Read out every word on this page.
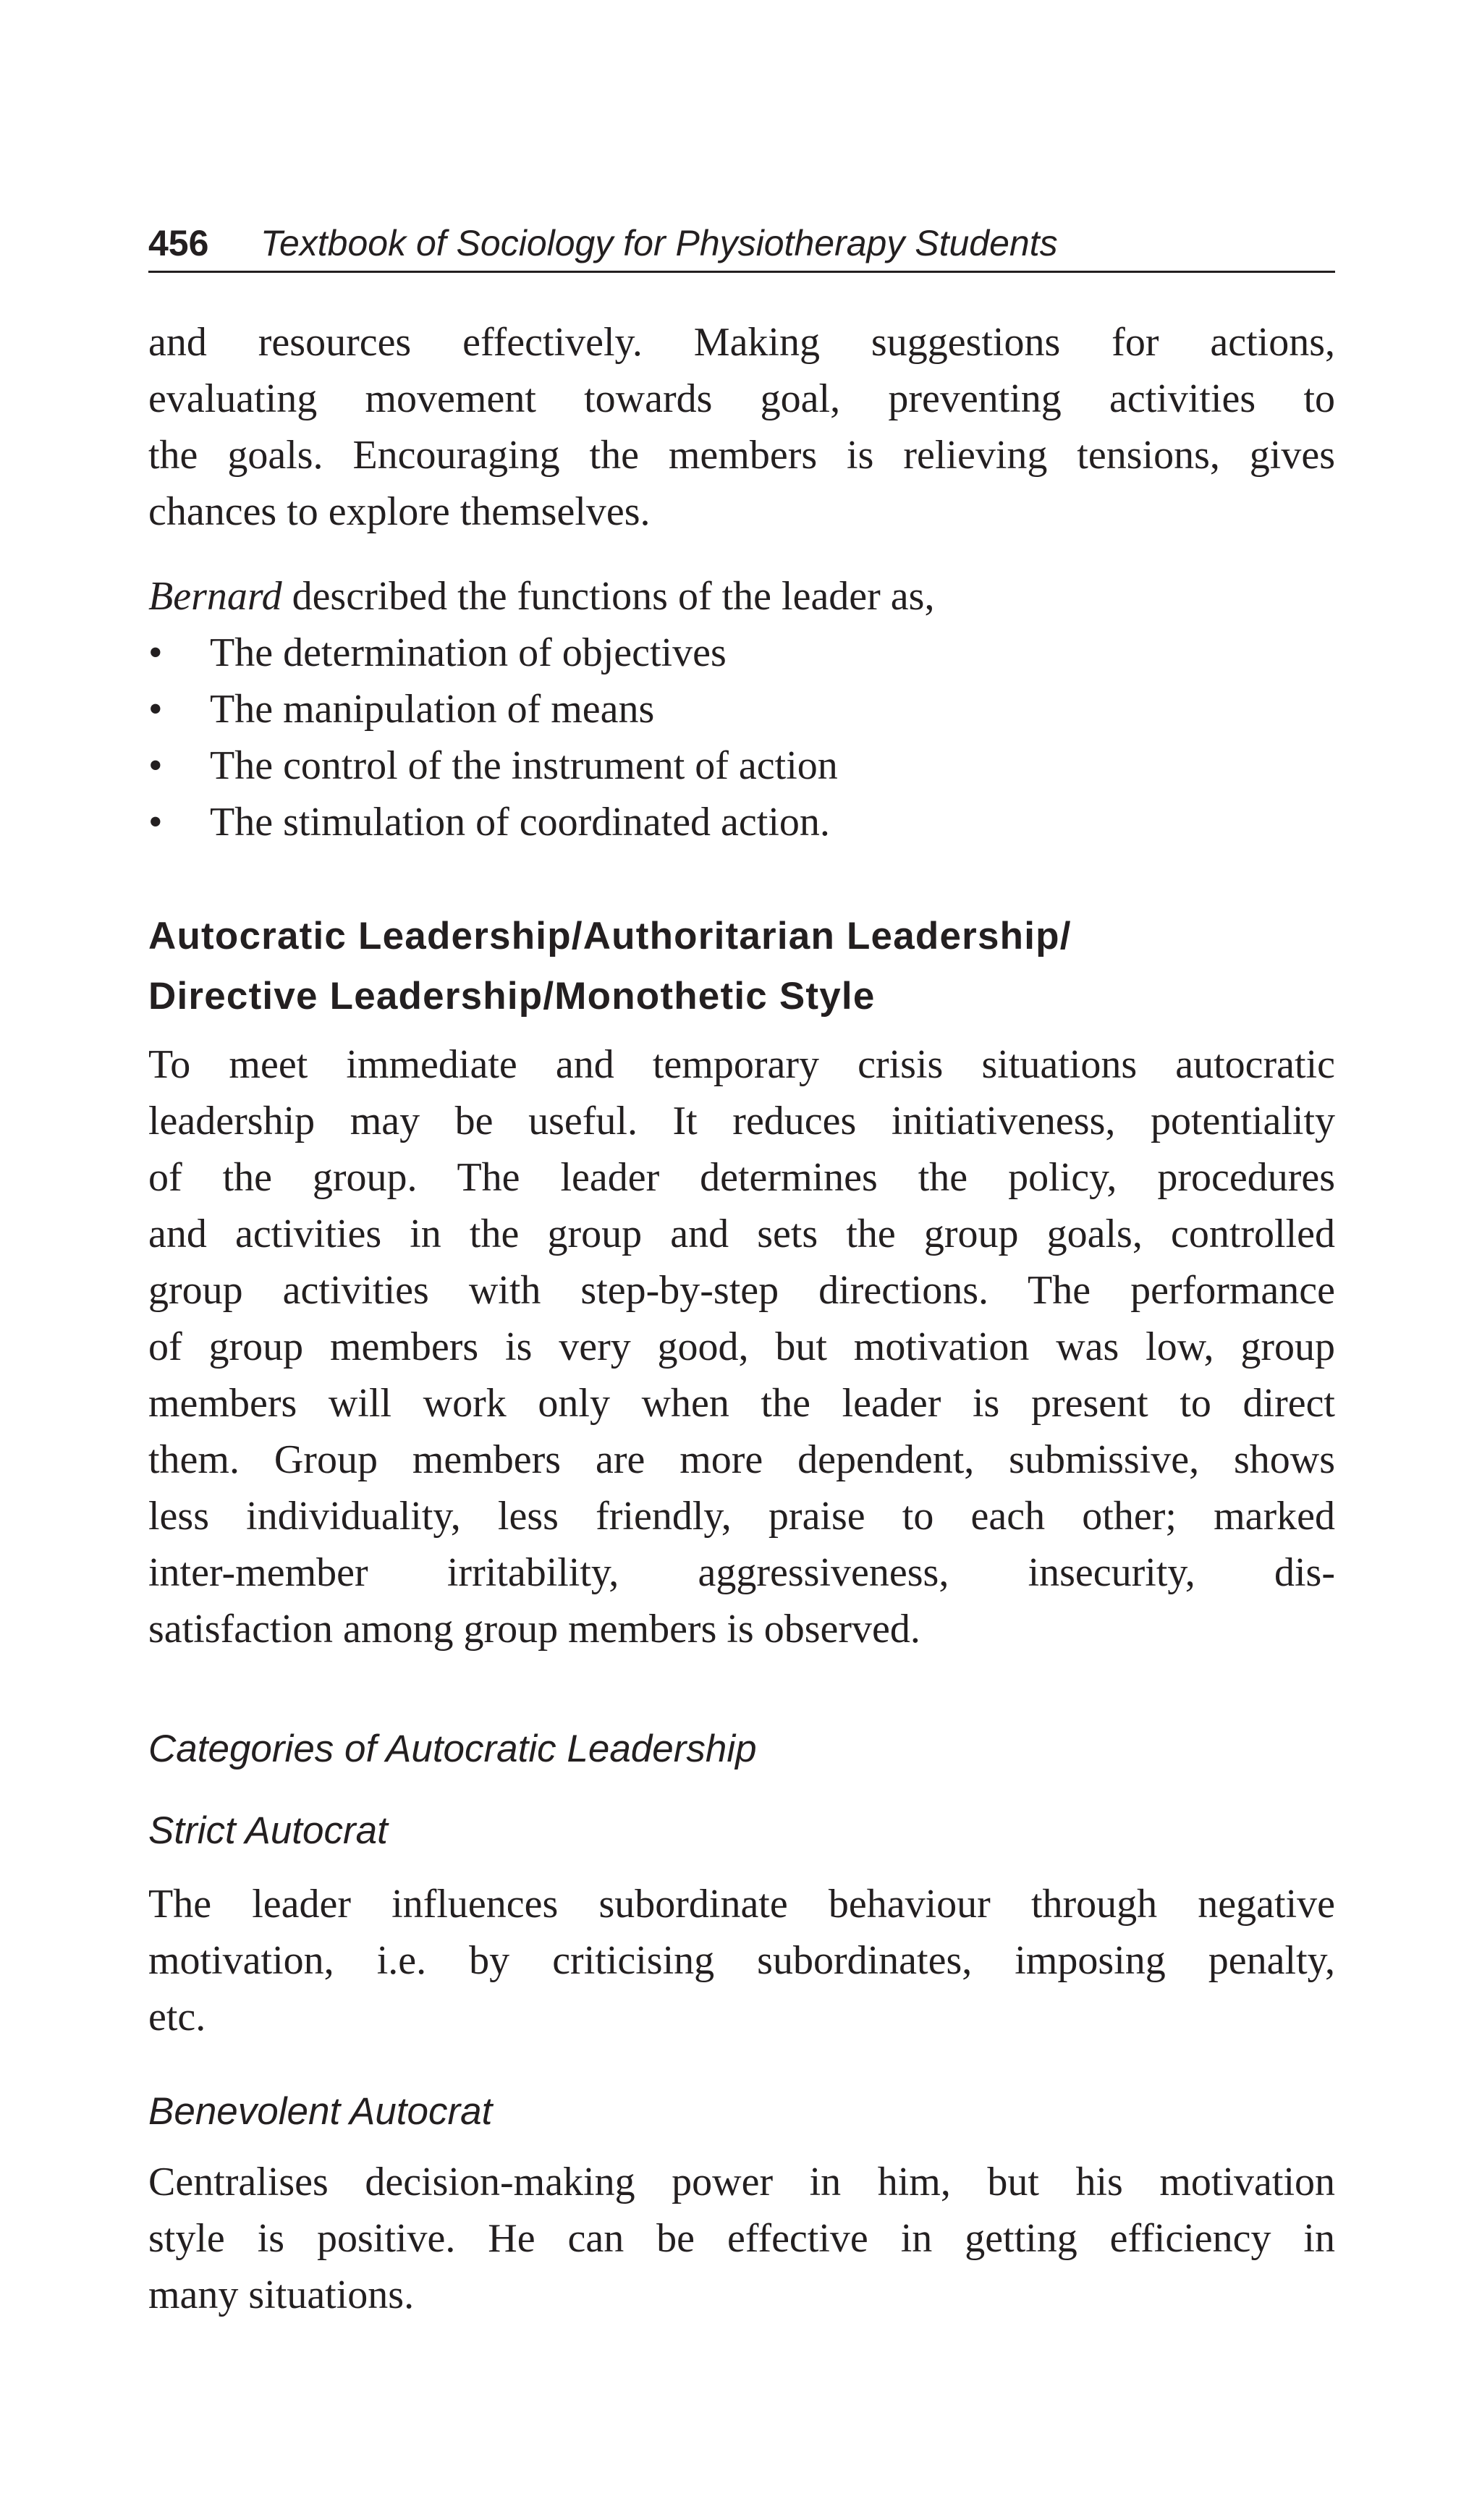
456 Textbook of Sociology for Physiotherapy Students
and resources effectively. Making suggestions for actions,
evaluating movement towards goal, preventing activities to
the goals. Encouraging the members is relieving tensions, gives
chances to explore themselves.
Bernard described the functions of the leader as,
•	The determination of objectives
•	The manipulation of means
•	The control of the instrument of action
•	The stimulation of coordinated action.
Autocratic Leadership/Authoritarian Leadership/
Directive Leadership/Monothetic Style
To meet immediate and temporary crisis situations autocratic
leadership may be useful. It reduces initiativeness, potentiality
of the group. The leader determines the policy, procedures
and activities in the group and sets the group goals, controlled
group activities with step-by-step directions. The performance
of group members is very good, but motivation was low, group
members will work only when the leader is present to direct
them. Group members are more dependent, submissive, shows
less individuality, less friendly, praise to each other; marked
inter-member irritability, aggressiveness, insecurity, dis-
satisfaction among group members is observed.
Categories of Autocratic Leadership
Strict Autocrat
The leader influences subordinate behaviour through negative
motivation, i.e. by criticising subordinates, imposing penalty,
etc.
Benevolent Autocrat
Centralises decision-making power in him, but his motivation
style is positive. He can be effective in getting efficiency in
many situations.
